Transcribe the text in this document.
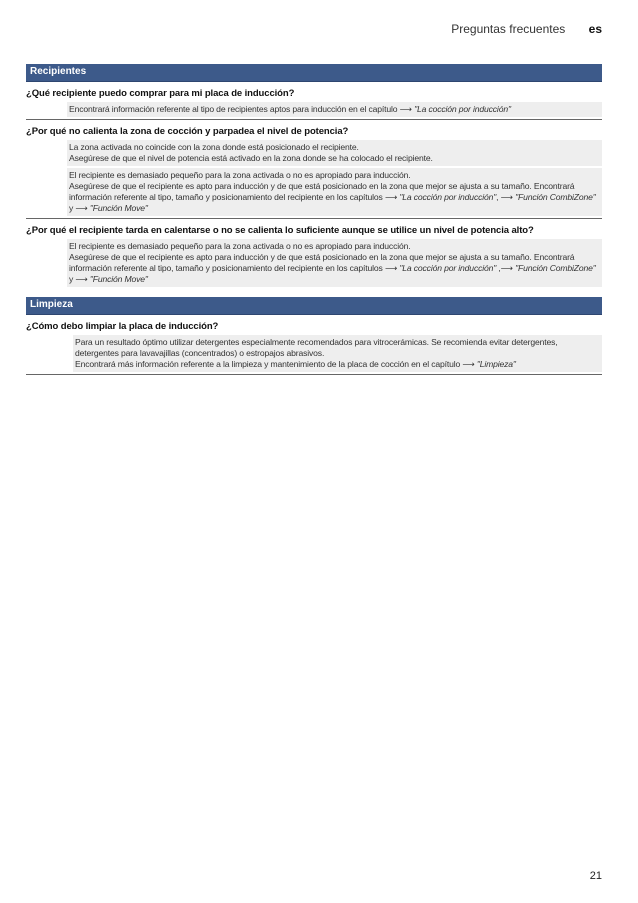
Preguntas frecuentes es
Recipientes
¿Qué recipiente puedo comprar para mi placa de inducción?
Encontrará información referente al tipo de recipientes aptos para inducción en el capítulo ⟶ "La cocción por inducción"
¿Por qué no calienta la zona de cocción y parpadea el nivel de potencia?
La zona activada no coincide con la zona donde está posicionado el recipiente.
Asegúrese de que el nivel de potencia está activado en la zona donde se ha colocado el recipiente.
El recipiente es demasiado pequeño para la zona activada o no es apropiado para inducción.
Asegúrese de que el recipiente es apto para inducción y de que está posicionado en la zona que mejor se ajusta a su tamaño. Encontrará información referente al tipo, tamaño y posicionamiento del recipiente en los capítulos ⟶ "La cocción por inducción", ⟶ "Función CombiZone" y ⟶ "Función Move"
¿Por qué el recipiente tarda en calentarse o no se calienta lo suficiente aunque se utilice un nivel de potencia alto?
El recipiente es demasiado pequeño para la zona activada o no es apropiado para inducción.
Asegúrese de que el recipiente es apto para inducción y de que está posicionado en la zona que mejor se ajusta a su tamaño. Encontrará información referente al tipo, tamaño y posicionamiento del recipiente en los capítulos ⟶ "La cocción por inducción" ,⟶ "Función CombiZone" y ⟶ "Función Move"
Limpieza
¿Cómo debo limpiar la placa de inducción?
Para un resultado óptimo utilizar detergentes especialmente recomendados para vitrocerámicas. Se recomienda evitar detergentes, detergentes para lavavajillas (concentrados) o estropajos abrasivos.
Encontrará más información referente a la limpieza y mantenimiento de la placa de cocción en el capítulo ⟶ "Limpieza"
21
